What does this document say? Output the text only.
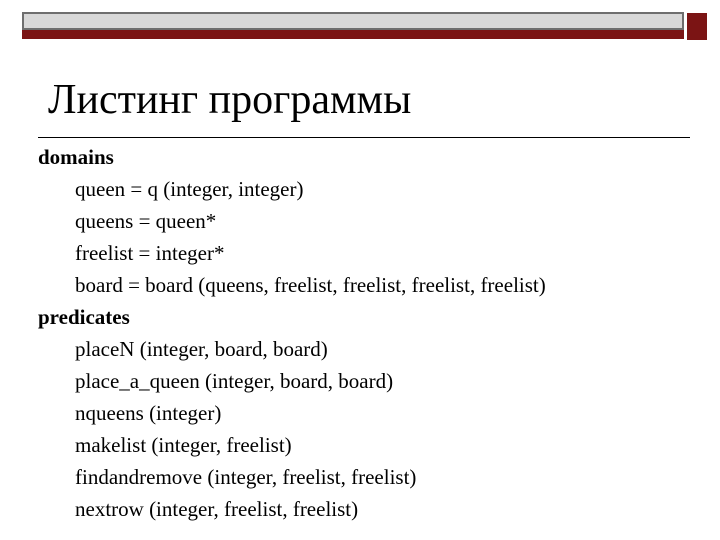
Листинг программы
domains
queen = q (integer, integer)
queens = queen*
freelist = integer*
board = board (queens, freelist, freelist, freelist, freelist)
predicates
placeN (integer, board, board)
place_a_queen (integer, board, board)
nqueens (integer)
makelist (integer, freelist)
findandremove (integer, freelist, freelist)
nextrow (integer, freelist, freelist)
